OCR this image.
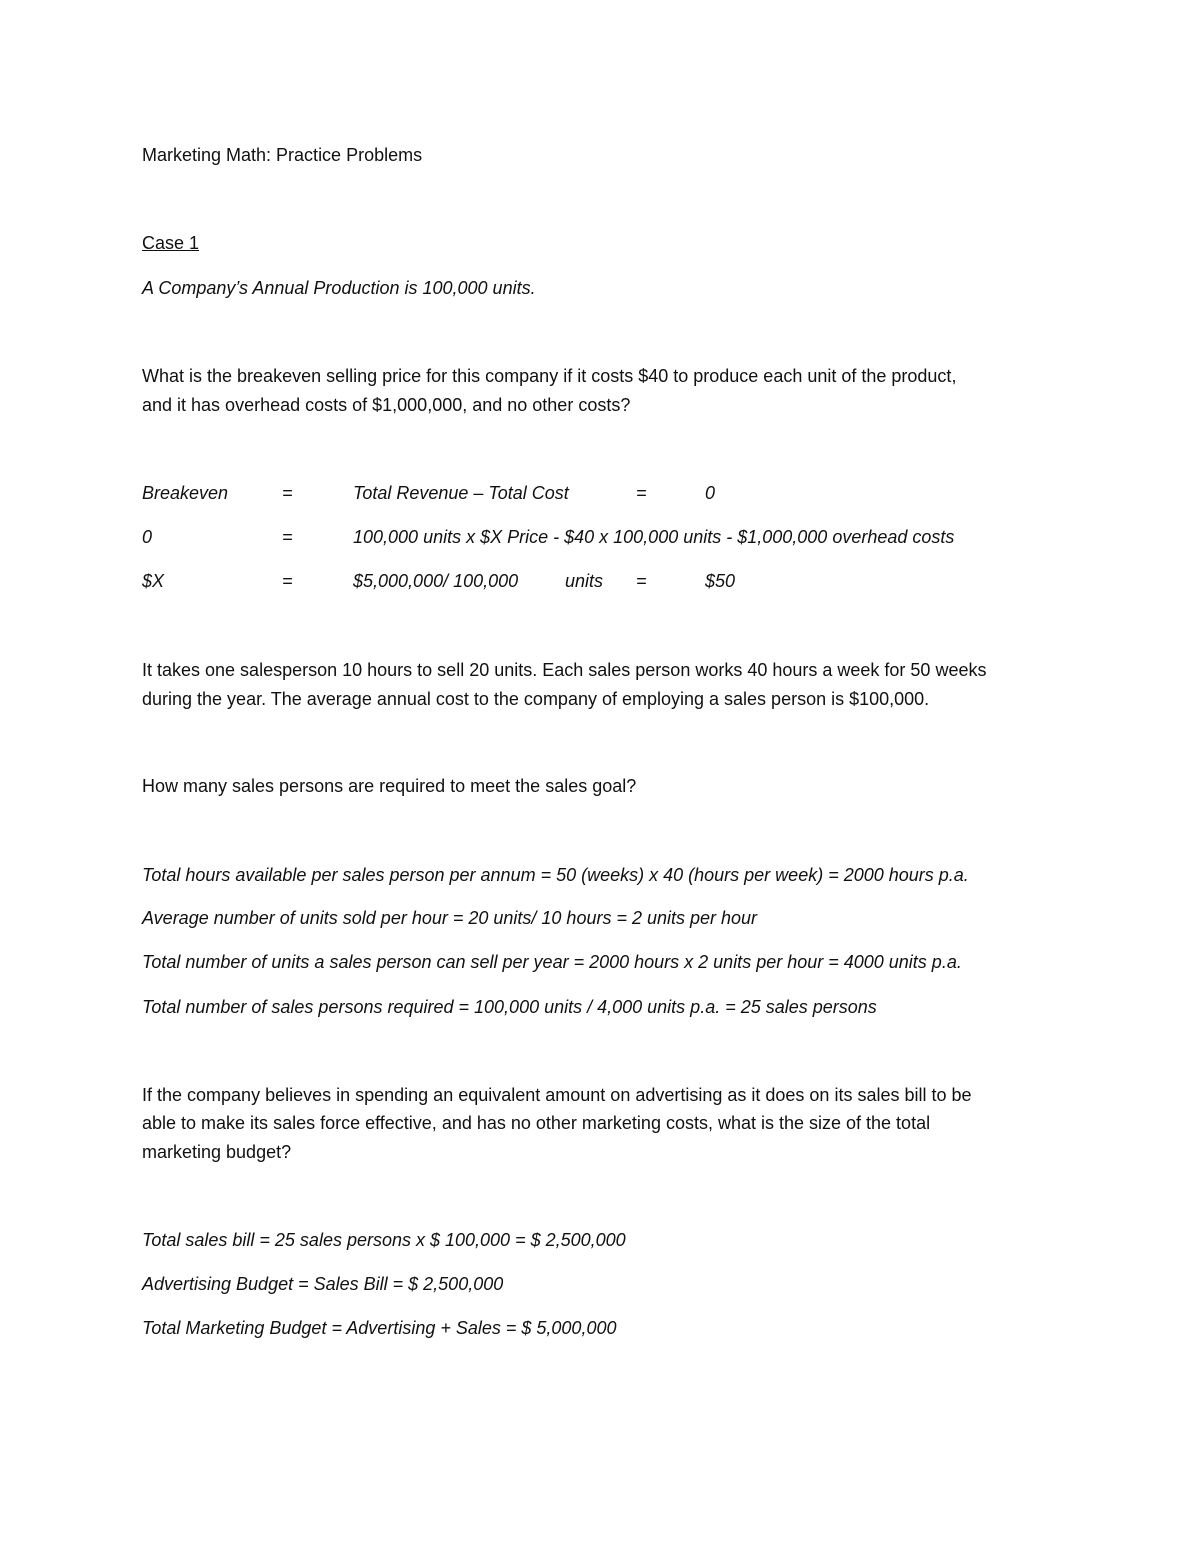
Marketing Math: Practice Problems
Case 1
A Company’s Annual Production is 100,000 units.
What is the breakeven selling price for this company if it costs $40 to produce each unit of the product,
and it has overhead costs of $1,000,000, and no other costs?
Breakeven	=	Total Revenue – Total Cost	=	0
0	=	100,000 units x $X Price - $40 x 100,000 units - $1,000,000 overhead costs
$X	=	$5,000,000/ 100,000	units =	$50
It takes one salesperson 10 hours to sell 20 units. Each sales person works 40 hours a week for 50 weeks
during the year. The average annual cost to the company of employing a sales person is $100,000.
How many sales persons are required to meet the sales goal?
Total hours available per sales person per annum = 50 (weeks) x 40 (hours per week) = 2000 hours p.a.
Average number of units sold per hour = 20 units/ 10 hours = 2 units per hour
Total number of units a sales person can sell per year = 2000 hours x 2 units per hour = 4000 units p.a.
Total number of sales persons required = 100,000 units / 4,000 units p.a. = 25 sales persons
If the company believes in spending an equivalent amount on advertising as it does on its sales bill to be
able to make its sales force effective, and has no other marketing costs, what is the size of the total
marketing budget?
Total sales bill = 25 sales persons x $ 100,000 = $ 2,500,000
Advertising Budget = Sales Bill = $ 2,500,000
Total Marketing Budget = Advertising + Sales = $ 5,000,000
